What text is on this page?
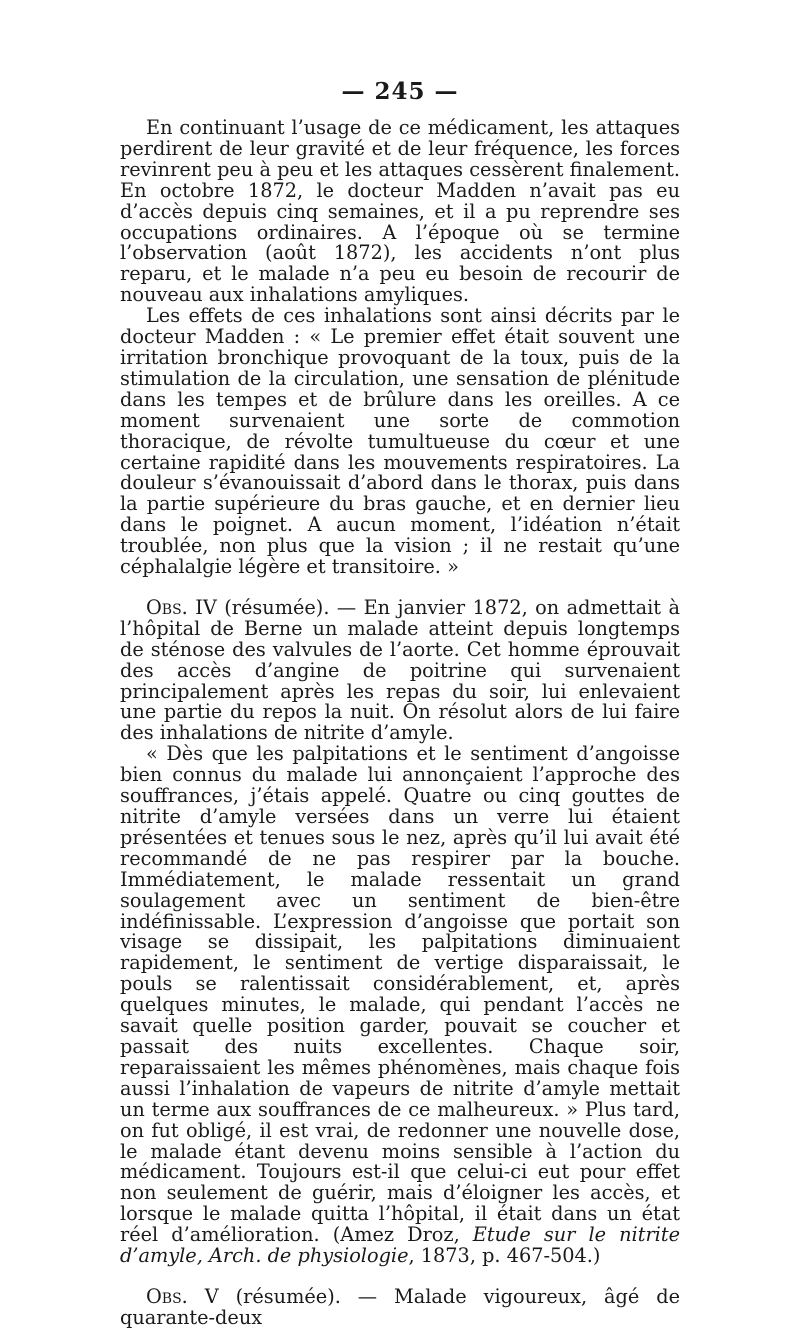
— 245 —

En continuant l’usage de ce médicament, les attaques perdirent de leur gravité et de leur fréquence, les forces revinrent peu à peu et les attaques cessèrent finalement. En octobre 1872, le docteur Madden n’avait pas eu d’accès depuis cinq semaines, et il a pu reprendre ses occupations ordinaires. A l’époque où se termine l’observation (août 1872), les accidents n’ont plus reparu, et le malade n’a peu eu besoin de recourir de nouveau aux inhalations amyliques.

Les effets de ces inhalations sont ainsi décrits par le docteur Madden : « Le premier effet était souvent une irritation bronchique provoquant de la toux, puis de la stimulation de la circulation, une sensation de plénitude dans les tempes et de brûlure dans les oreilles. A ce moment survenaient une sorte de commotion thoracique, de révolte tumultueuse du cœur et une certaine rapidité dans les mouvements respiratoires. La douleur s’évanouissait d’abord dans le thorax, puis dans la partie supérieure du bras gauche, et en dernier lieu dans le poignet. A aucun moment, l’idéation n’était troublée, non plus que la vision ; il ne restait qu’une céphalalgie légère et transitoire. »

Obs. IV (résumée). — En janvier 1872, on admettait à l’hôpital de Berne un malade atteint depuis longtemps de sténose des valvules de l’aorte. Cet homme éprouvait des accès d’angine de poitrine qui survenaient principalement après les repas du soir, lui enlevaient une partie du repos la nuit. On résolut alors de lui faire des inhalations de nitrite d’amyle.

« Dès que les palpitations et le sentiment d’angoisse bien connus du malade lui annonçaient l’approche des souffrances, j’étais appelé. Quatre ou cinq gouttes de nitrite d’amyle versées dans un verre lui étaient présentées et tenues sous le nez, après qu’il lui avait été recommandé de ne pas respirer par la bouche. Immédiatement, le malade ressentait un grand soulagement avec un sentiment de bien-être indéfinissable. L’expression d’angoisse que portait son visage se dissipait, les palpitations diminuaient rapidement, le sentiment de vertige disparaissait, le pouls se ralentissait considérablement, et, après quelques minutes, le malade, qui pendant l’accès ne savait quelle position garder, pouvait se coucher et passait des nuits excellentes. Chaque soir, reparaissaient les mêmes phénomènes, mais chaque fois aussi l’inhalation de vapeurs de nitrite d’amyle mettait un terme aux souffrances de ce malheureux. » Plus tard, on fut obligé, il est vrai, de redonner une nouvelle dose, le malade étant devenu moins sensible à l’action du médicament. Toujours est-il que celui-ci eut pour effet non seulement de guérir, mais d’éloigner les accès, et lorsque le malade quitta l’hôpital, il était dans un état réel d’amélioration. (Amez Droz, Etude sur le nitrite d’amyle, Arch. de physiologie, 1873, p. 467-504.)

Obs. V (résumée). — Malade vigoureux, âgé de quarante-deux
